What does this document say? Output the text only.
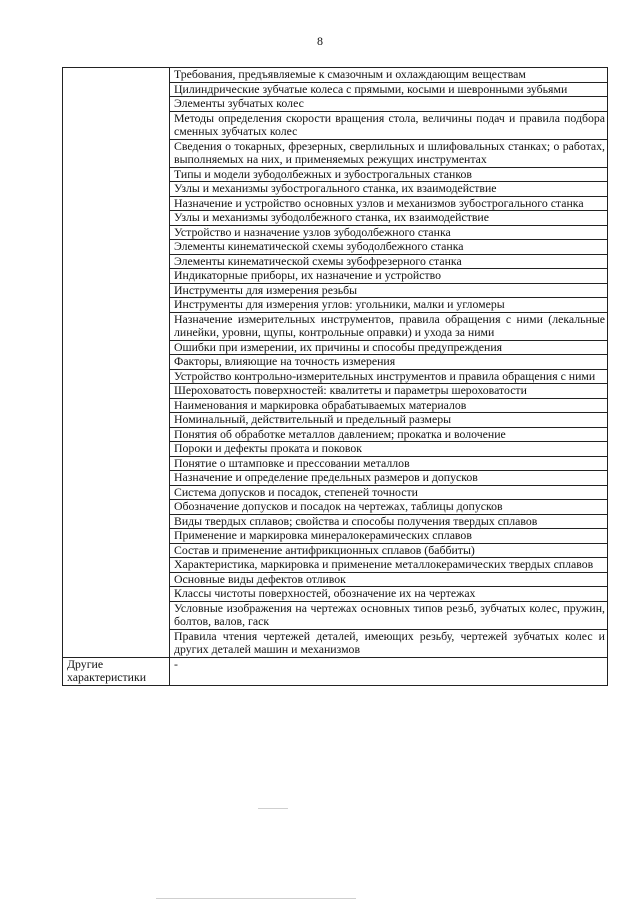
8
	Требования, предъявляемые к смазочным и охлаждающим веществам
	Цилиндрические зубчатые колеса с прямыми, косыми и шевронными зубьями
	Элементы зубчатых колес
	Методы определения скорости вращения стола, величины подач и правила подбора сменных зубчатых колес
	Сведения о токарных, фрезерных, сверлильных и шлифовальных станках; о работах, выполняемых на них, и применяемых режущих инструментах
	Типы и модели зубодолбежных и зубострогальных станков
	Узлы и механизмы зубострогального станка, их взаимодействие
	Назначение и устройство основных узлов и механизмов зубострогального станка
	Узлы и механизмы зубодолбежного станка, их взаимодействие
	Устройство и назначение узлов зубодолбежного станка
	Элементы кинематической схемы зубодолбежного станка
	Элементы кинематической схемы зубофрезерного станка
	Индикаторные приборы, их назначение и устройство
	Инструменты для измерения резьбы
	Инструменты для измерения углов: угольники, малки и угломеры
	Назначение измерительных инструментов, правила обращения с ними (лекальные линейки, уровни, щупы, контрольные оправки) и ухода за ними
	Ошибки при измерении, их причины и способы предупреждения
	Факторы, влияющие на точность измерения
	Устройство контрольно-измерительных инструментов и правила обращения с ними
	Шероховатость поверхностей: квалитеты и параметры шероховатости
	Наименования и маркировка обрабатываемых материалов
	Номинальный, действительный и предельный размеры
	Понятия об обработке металлов давлением; прокатка и волочение
	Пороки и дефекты проката и поковок
	Понятие о штамповке и прессовании металлов
	Назначение и определение предельных размеров и допусков
	Система допусков и посадок, степеней точности
	Обозначение допусков и посадок на чертежах, таблицы допусков
	Виды твердых сплавов; свойства и способы получения твердых сплавов
	Применение и маркировка минералокерамических сплавов
	Состав и применение антифрикционных сплавов (баббиты)
	Характеристика, маркировка и применение металлокерамических твердых сплавов
	Основные виды дефектов отливок
	Классы чистоты поверхностей, обозначение их на чертежах
	Условные изображения на чертежах основных типов резьб, зубчатых колес, пружин, болтов, валов, гаск
	Правила чтения чертежей деталей, имеющих резьбу, чертежей зубчатых колес и других деталей машин и механизмов
Другие характеристики	-
